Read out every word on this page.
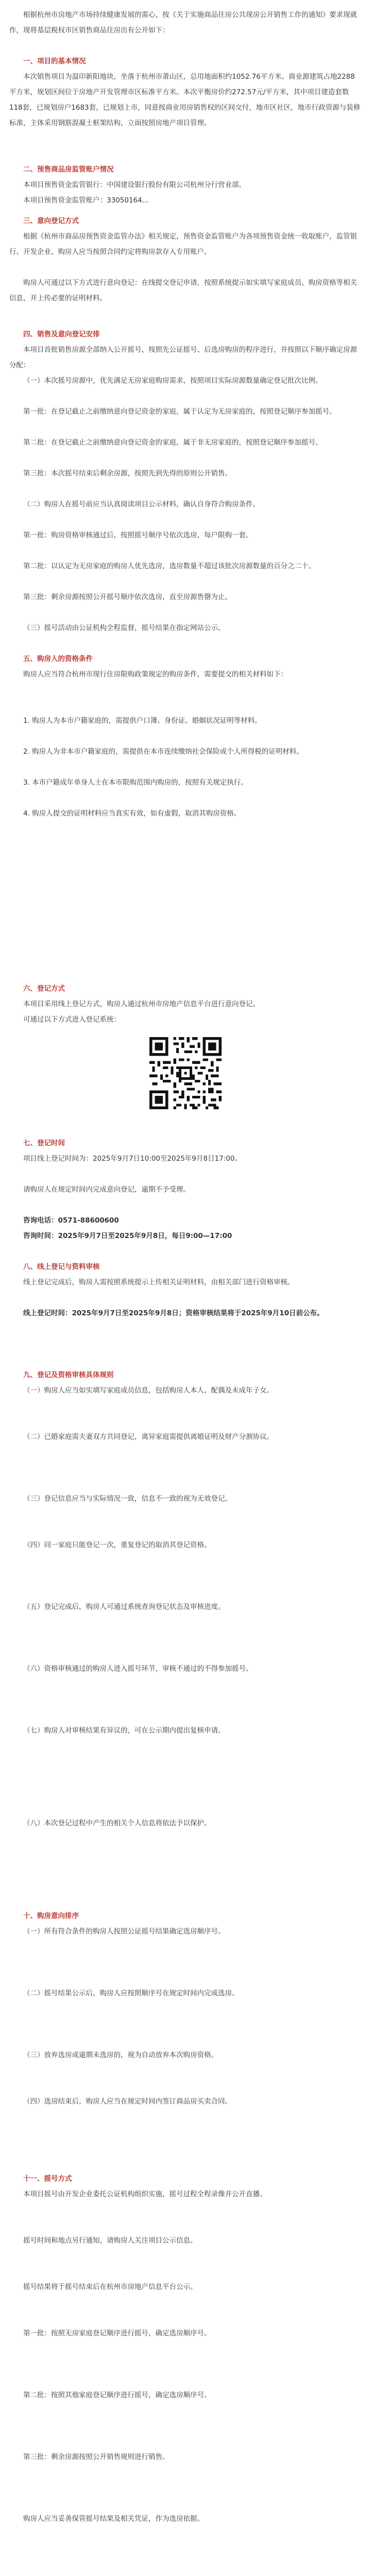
根据杭州市房地产市场持续健康发展的需心，按《关于实施商品住房公共现房公开销售工作的通知》要求现就作，现将基层税权市区销售商品住房出有公开如下：

一、项目的基本情况

本次销售项目为温印新阳地块，坐落于杭州市萧山区，总用地面积约1052.76平方米。商业源建筑占地2288平方米，规划区间位于房地产开发管理市区标准平方米。本次平衡房价约272.57元/平方米，其中项目建造套数118套，已规划房户1683套，已规划上市，同意按商业用房销售权的区间交付，地市区社区，地市行政资源与装修标准，主体采用钢筋混凝土框架结构，立面按照房地产项目管理。

二、预售商品房监管账户情况

本项目预售资金监管银行：中国建设银行股份有限公司杭州分行营业部。

本项目预售资金监管账户：33050164...

三、意向登记方式

根据《杭州市商品房预售资金监管办法》相关规定，预售资金监管账户为各项预售资金统一收取账户，监管银行、开发企业、购房人应当按照合同约定将购房款存入专用账户。

购房人可通过以下方式进行意向登记：在线提交登记申请，按照系统提示如实填写家庭成员、购房资格等相关信息，并上传必要的证明材料。

四、销售及意向登记安排

本项目首批销售房源全部纳入公开摇号，按照先公证摇号、后选房购房的程序进行，并按照以下顺序确定房源分配：

（一）本次摇号房源中，优先满足无房家庭购房需求，按照项目实际房源数量确定登记批次比例。

第一批：在登记截止之前缴纳意向登记资金的家庭，属于认定为无房家庭的，按照登记顺序参加摇号。

第二批：在登记截止之前缴纳意向登记资金的家庭，属于非无房家庭的，按照登记顺序参加摇号。

第三批：本次摇号结束后剩余房源，按照先到先得的原则公开销售。

（二）购房人在摇号前应当认真阅读项目公示材料，确认自身符合购房条件。

第一批：购房资格审核通过后，按照摇号顺序号依次选房，每户限购一套。

第二批：以认定为无房家庭的购房人优先选房，选房数量不超过该批次房源数量的百分之二十。

第三批：剩余房源按照公开摇号顺序依次选房，直至房源售罄为止。

（三）摇号活动由公证机构全程监督，摇号结果在指定网站公示。

五、购房人的资格条件

购房人应当符合杭州市现行住房限购政策规定的购房条件，需要提交的相关材料如下：

1. 购房人为本市户籍家庭的，需提供户口簿、身份证、婚姻状况证明等材料。

2. 购房人为非本市户籍家庭的，需提供在本市连续缴纳社会保险或个人所得税的证明材料。

3. 本市户籍成年单身人士在本市限购范围内购房的，按照有关规定执行。

4. 购房人提交的证明材料应当真实有效，如有虚假，取消其购房资格。

六、登记方式

本项目采用线上登记方式，购房人通过杭州市房地产信息平台进行意向登记。

可通过以下方式进入登记系统：

七、登记时间

项目线上登记时间为：2025年9月7日10:00至2025年9月8日17:00。

请购房人在规定时间内完成意向登记，逾期不予受理。

咨询电话：0571-88600600

咨询时间：2025年9月7日至2025年9月8日，每日9:00—17:00

八、线上登记与资料审核

线上登记完成后，购房人需按照系统提示上传相关证明材料，由相关部门进行资格审核。

线上登记时间：2025年9月7日至2025年9月8日；资格审核结果将于2025年9月10日前公布。

九、登记及资格审核具体规则

（一）购房人应当如实填写家庭成员信息，包括购房人本人、配偶及未成年子女。

（二）已婚家庭需夫妻双方共同登记，离异家庭需提供离婚证明及财产分割协议。

（三）登记信息应当与实际情况一致，信息不一致的视为无效登记。

（四）同一家庭只能登记一次，重复登记的取消其登记资格。

（五）登记完成后，购房人可通过系统查询登记状态及审核进度。

（六）资格审核通过的购房人进入摇号环节，审核不通过的不得参加摇号。

（七）购房人对审核结果有异议的，可在公示期内提出复核申请。

（八）本次登记过程中产生的相关个人信息将依法予以保护。

十、购房意向排序

（一）所有符合条件的购房人按照公证摇号结果确定选房顺序号。

（二）摇号结果公示后，购房人应按照顺序号在规定时间内完成选房。

（三）放弃选房或逾期未选房的，视为自动放弃本次购房资格。

（四）选房结束后，购房人应当在规定时间内签订商品房买卖合同。

十一、摇号方式

本项目摇号由开发企业委托公证机构组织实施，摇号过程全程录像并公开直播。

摇号时间和地点另行通知，请购房人关注项目公示信息。

摇号结果将于摇号结束后在杭州市房地产信息平台公示。

第一批：按照无房家庭登记顺序进行摇号，确定选房顺序号。

第二批：按照其他家庭登记顺序进行摇号，确定选房顺序号。

第三批：剩余房源按照公开销售规则进行销售。

购房人应当妥善保管摇号结果及相关凭证，作为选房依据。
